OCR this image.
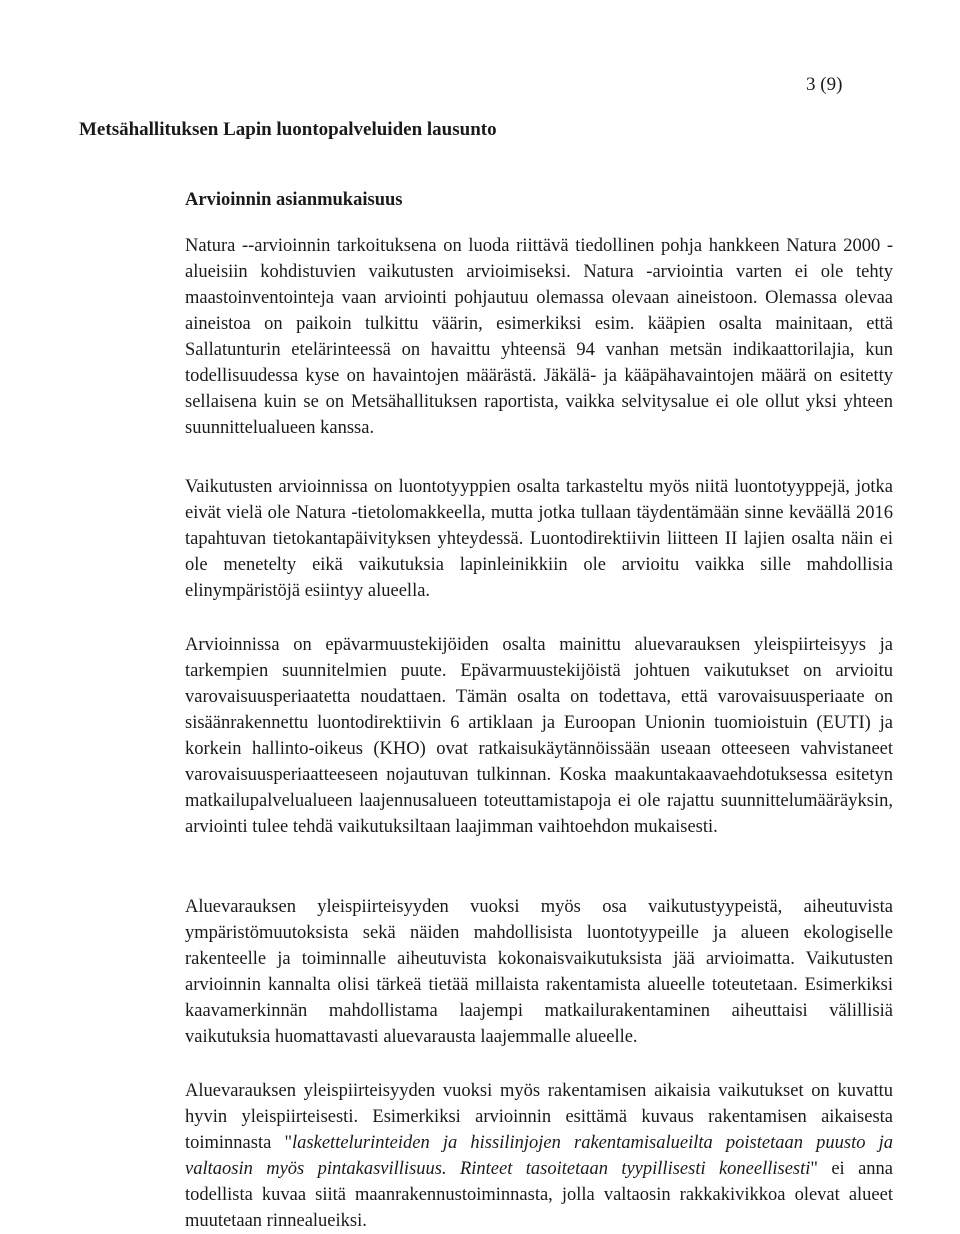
3 (9)
Metsähallituksen Lapin luontopalveluiden lausunto
Arvioinnin asianmukaisuus

Natura --arvioinnin tarkoituksena on luoda riittävä tiedollinen pohja hankkeen Natura 2000 -alueisiin kohdistuvien vaikutusten arvioimiseksi. Natura -arviointia varten ei ole tehty maastoinventointeja vaan arviointi pohjautuu olemassa olevaan aineistoon. Olemassa olevaa aineistoa on paikoin tulkittu väärin, esimerkiksi esim. kääpien osalta mainitaan, että Sallatunturin etelärinteessä on havaittu yhteensä 94 vanhan metsän indikaattorilajia, kun todellisuudessa kyse on havaintojen määrästä. Jäkälä- ja kääpähavaintojen määrä on esitetty sellaisena kuin se on Metsähallituksen raportista, vaikka selvitysalue ei ole ollut yksi yhteen suunnittelualueen kanssa.

Vaikutusten arvioinnissa on luontotyyppien osalta tarkasteltu myös niitä luontotyyppejä, jotka eivät vielä ole Natura -tietolomakkeella, mutta jotka tullaan täydentämään sinne keväällä 2016 tapahtuvan tietokantapäivityksen yhteydessä. Luontodirektiivin liitteen II lajien osalta näin ei ole menetelty eikä vaikutuksia lapinleinikkiin ole arvioitu vaikka sille mahdollisia elinympäristöjä esiintyy alueella.

Arvioinnissa on epävarmuustekijöiden osalta mainittu aluevarauksen yleispiirteisyys ja tarkempien suunnitelmien puute. Epävarmuustekijöistä johtuen vaikutukset on arvioitu varovaisuusperiaatetta noudattaen. Tämän osalta on todettava, että varovaisuusperiaate on sisäänrakennettu luontodirektiivin 6 artiklaan ja Euroopan Unionin tuomioistuin (EUTI) ja korkein hallinto-oikeus (KHO) ovat ratkaisukäytännöissään useaan otteeseen vahvistaneet varovaisuusperiaatteeseen nojautuvan tulkinnan. Koska maakuntakaavaehdotuksessa esitetyn matkailupalvelualueen laajennusalueen toteuttamistapoja ei ole rajattu suunnittelumääräyksin, arviointi tulee tehdä vaikutuksiltaan laajimman vaihtoehdon mukaisesti.

Aluevarauksen yleispiirteisyyden vuoksi myös osa vaikutustyypeistä, aiheutuvista ympäristömuutoksista sekä näiden mahdollisista luontotyypeille ja alueen ekologiselle rakenteelle ja toiminnalle aiheutuvista kokonaisvaikutuksista jää arvioimatta. Vaikutusten arvioinnin kannalta olisi tärkeä tietää millaista rakentamista alueelle toteutetaan. Esimerkiksi kaavamerkinnän mahdollistama laajempi matkailurakentaminen aiheuttaisi välillisiä vaikutuksia huomattavasti aluevarausta laajemmalle alueelle.

Aluevarauksen yleispiirteisyyden vuoksi myös rakentamisen aikaisia vaikutukset on kuvattu hyvin yleispiirteisesti. Esimerkiksi arvioinnin esittämä kuvaus rakentamisen aikaisesta toiminnasta "laskettelurinteiden ja hissilinjojen rakentamisalueilta poistetaan puusto ja valtaosin myös pintakasvillisuus. Rinteet tasoitetaan tyypillisesti koneellisesti" ei anna todellista kuvaa siitä maanrakennustoiminnasta, jolla valtaosin rakkakivikkoa olevat alueet muutetaan rinnealueiksi.
